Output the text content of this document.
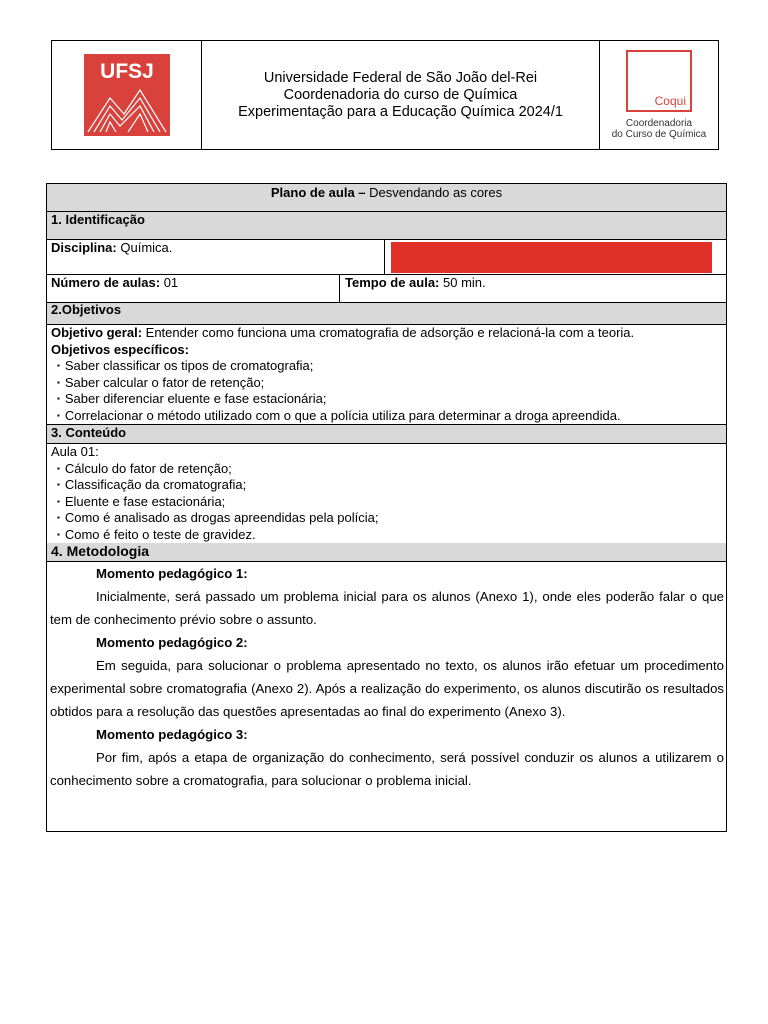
UFSJ	Universidade Federal de São João del-Rei
Coordenadoria do curso de Química
Experimentação para a Educação Química 2024/1
Coqui
Coordenadoria
do Curso de Química
Plano de aula – Desvendando as cores
1. Identificação
Disciplina: Química.
Número de aulas: 01	Tempo de aula: 50 min.
2.Objetivos
Objetivo geral: Entender como funciona uma cromatografia de adsorção e relacioná-la com a teoria.
Objetivos específicos:
▪ Saber classificar os tipos de cromatografia;
▪ Saber calcular o fator de retenção;
▪ Saber diferenciar eluente e fase estacionária;
▪ Correlacionar o método utilizado com o que a polícia utiliza para determinar a droga apreendida.
3. Conteúdo
Aula 01:
▪ Cálculo do fator de retenção;
▪ Classificação da cromatografia;
▪ Eluente e fase estacionária;
▪ Como é analisado as drogas apreendidas pela polícia;
▪ Como é feito o teste de gravidez.
4. Metodologia

Momento pedagógico 1:

Inicialmente, será passado um problema inicial para os alunos (Anexo 1), onde eles poderão falar o que tem de conhecimento prévio sobre o assunto.

Momento pedagógico 2:

Em seguida, para solucionar o problema apresentado no texto, os alunos irão efetuar um procedimento experimental sobre cromatografia (Anexo 2). Após a realização do experimento, os alunos discutirão os resultados obtidos para a resolução das questões apresentadas ao final do experimento (Anexo 3).

Momento pedagógico 3:

Por fim, após a etapa de organização do conhecimento, será possível conduzir os alunos a utilizarem o conhecimento sobre a cromatografia, para solucionar o problema inicial.
